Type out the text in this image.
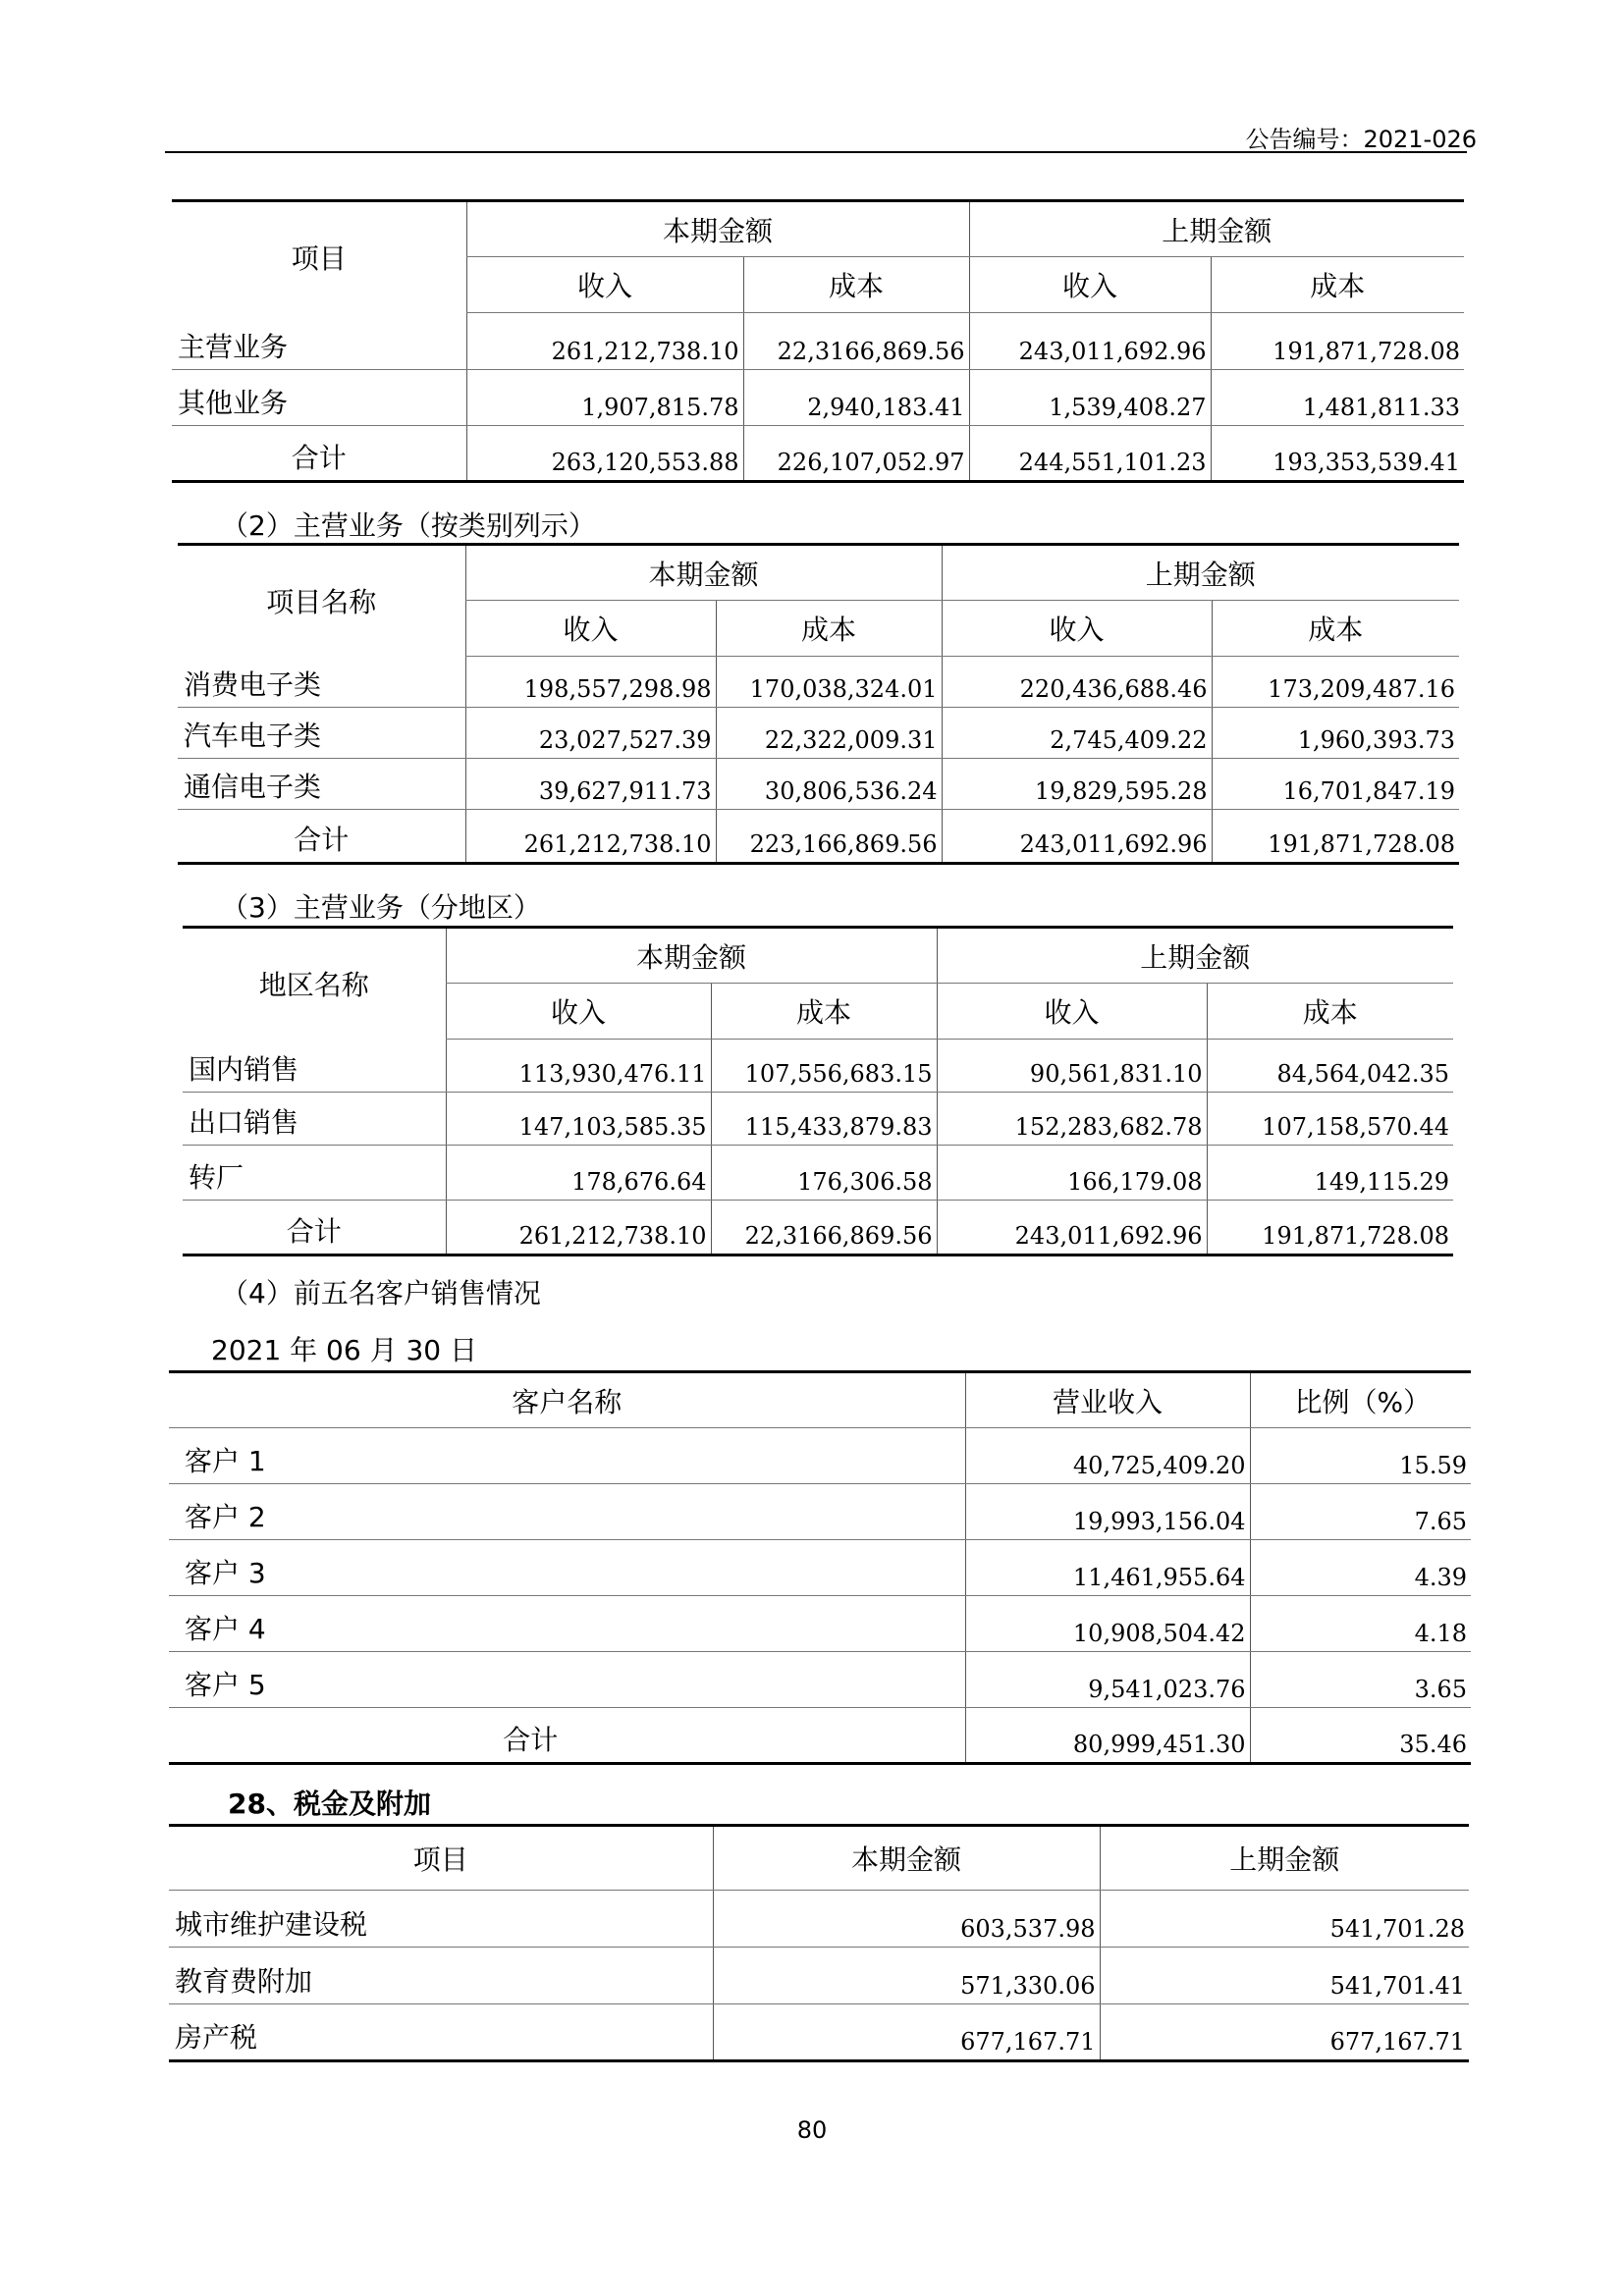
公告编号：2021-026
项目	本期金额		上期金额	
	收入	成本	收入	成本
主营业务	261,212,738.10	22,3166,869.56	243,011,692.96	191,871,728.08
其他业务	1,907,815.78	2,940,183.41	1,539,408.27	1,481,811.33
合计	263,120,553.88	226,107,052.97	244,551,101.23	193,353,539.41
（2）主营业务（按类别列示）
项目名称	本期金额		上期金额	
	收入	成本	收入	成本
消费电子类	198,557,298.98	170,038,324.01	220,436,688.46	173,209,487.16
汽车电子类	23,027,527.39	22,322,009.31	2,745,409.22	1,960,393.73
通信电子类	39,627,911.73	30,806,536.24	19,829,595.28	16,701,847.19
合计	261,212,738.10	223,166,869.56	243,011,692.96	191,871,728.08
（3）主营业务（分地区）
地区名称	本期金额		上期金额	
	收入	成本	收入	成本
国内销售	113,930,476.11	107,556,683.15	90,561,831.10	84,564,042.35
出口销售	147,103,585.35	115,433,879.83	152,283,682.78	107,158,570.44
转厂	178,676.64	176,306.58	166,179.08	149,115.29
合计	261,212,738.10	22,3166,869.56	243,011,692.96	191,871,728.08
（4）前五名客户销售情况
2021 年 06 月 30 日
客户名称	营业收入	比例（%）
客户 1	40,725,409.20	15.59
客户 2	19,993,156.04	7.65
客户 3	11,461,955.64	4.39
客户 4	10,908,504.42	4.18
客户 5	9,541,023.76	3.65
合计	80,999,451.30	35.46
28、税金及附加
项目	本期金额	上期金额
城市维护建设税	603,537.98	541,701.28
教育费附加	571,330.06	541,701.41
房产税	677,167.71	677,167.71
80
